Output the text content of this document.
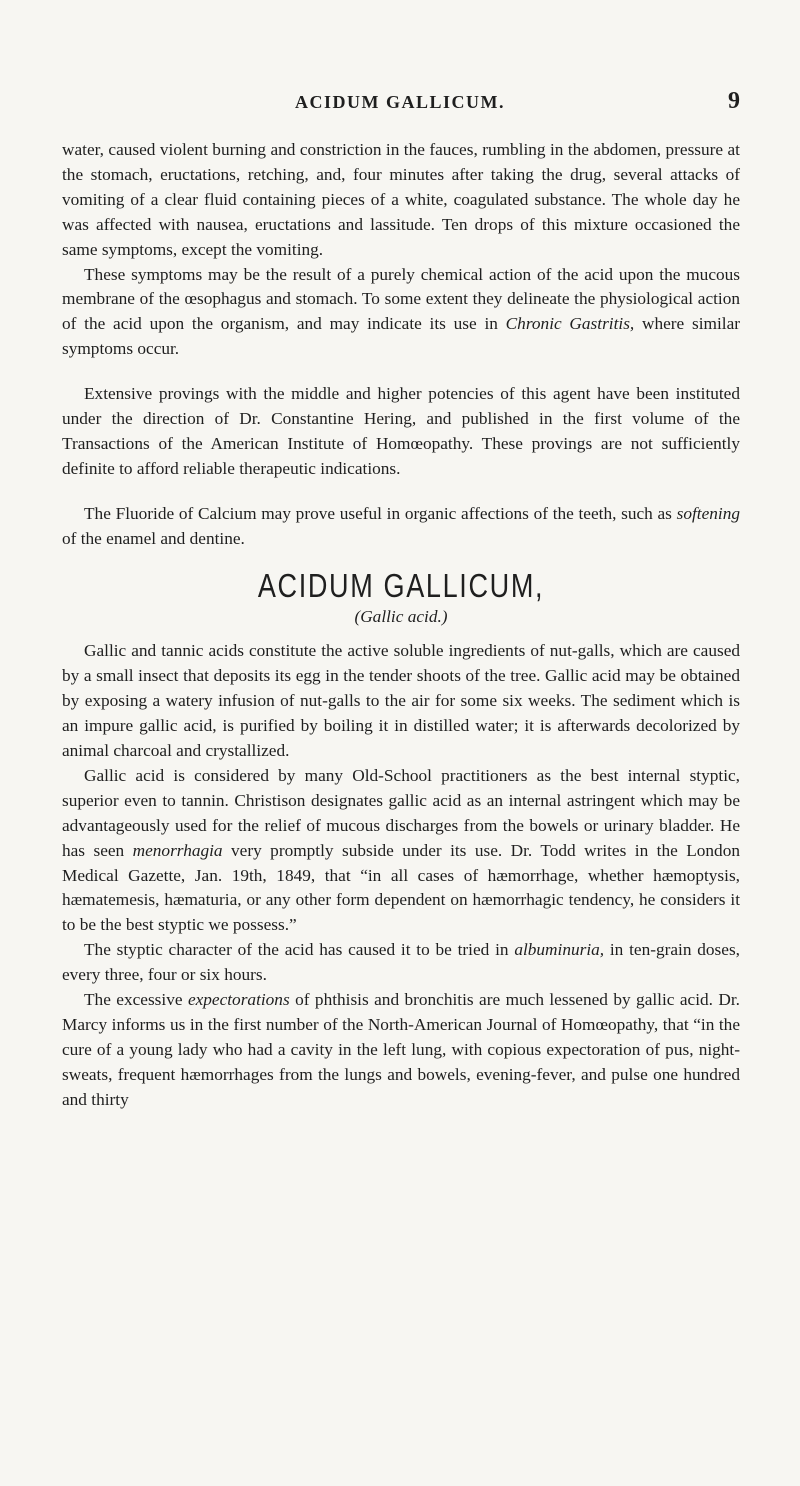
ACIDUM GALLICUM.	9

water, caused violent burning and constriction in the fauces, rumbling in the abdomen, pressure at the stomach, eructations, retching, and, four minutes after taking the drug, several attacks of vomiting of a clear fluid containing pieces of a white, coagulated substance. The whole day he was affected with nausea, eructations and lassitude. Ten drops of this mixture occasioned the same symptoms, except the vomiting.

These symptoms may be the result of a purely chemical action of the acid upon the mucous membrane of the œsophagus and stomach. To some extent they delineate the physiological action of the acid upon the organism, and may indicate its use in Chronic Gastritis, where similar symptoms occur.

Extensive provings with the middle and higher potencies of this agent have been instituted under the direction of Dr. Constantine Hering, and published in the first volume of the Transactions of the American Institute of Homœopathy. These provings are not sufficiently definite to afford reliable therapeutic indications.

The Fluoride of Calcium may prove useful in organic affections of the teeth, such as softening of the enamel and dentine.

ACIDUM GALLICUM,
(Gallic acid.)

Gallic and tannic acids constitute the active soluble ingredients of nut-galls, which are caused by a small insect that deposits its egg in the tender shoots of the tree. Gallic acid may be obtained by exposing a watery infusion of nut-galls to the air for some six weeks. The sediment which is an impure gallic acid, is purified by boiling it in distilled water; it is afterwards decolorized by animal charcoal and crystallized.

Gallic acid is considered by many Old-School practitioners as the best internal styptic, superior even to tannin. Christison designates gallic acid as an internal astringent which may be advantageously used for the relief of mucous discharges from the bowels or urinary bladder. He has seen menorrhagia very promptly subside under its use. Dr. Todd writes in the London Medical Gazette, Jan. 19th, 1849, that “in all cases of hæmorrhage, whether hæmoptysis, hæmatemesis, hæmaturia, or any other form dependent on hæmorrhagic tendency, he considers it to be the best styptic we possess.”

The styptic character of the acid has caused it to be tried in albuminuria, in ten-grain doses, every three, four or six hours.

The excessive expectorations of phthisis and bronchitis are much lessened by gallic acid. Dr. Marcy informs us in the first number of the North-American Journal of Homœopathy, that “in the cure of a young lady who had a cavity in the left lung, with copious expectoration of pus, night-sweats, frequent hæmorrhages from the lungs and bowels, evening-fever, and pulse one hundred and thirty
